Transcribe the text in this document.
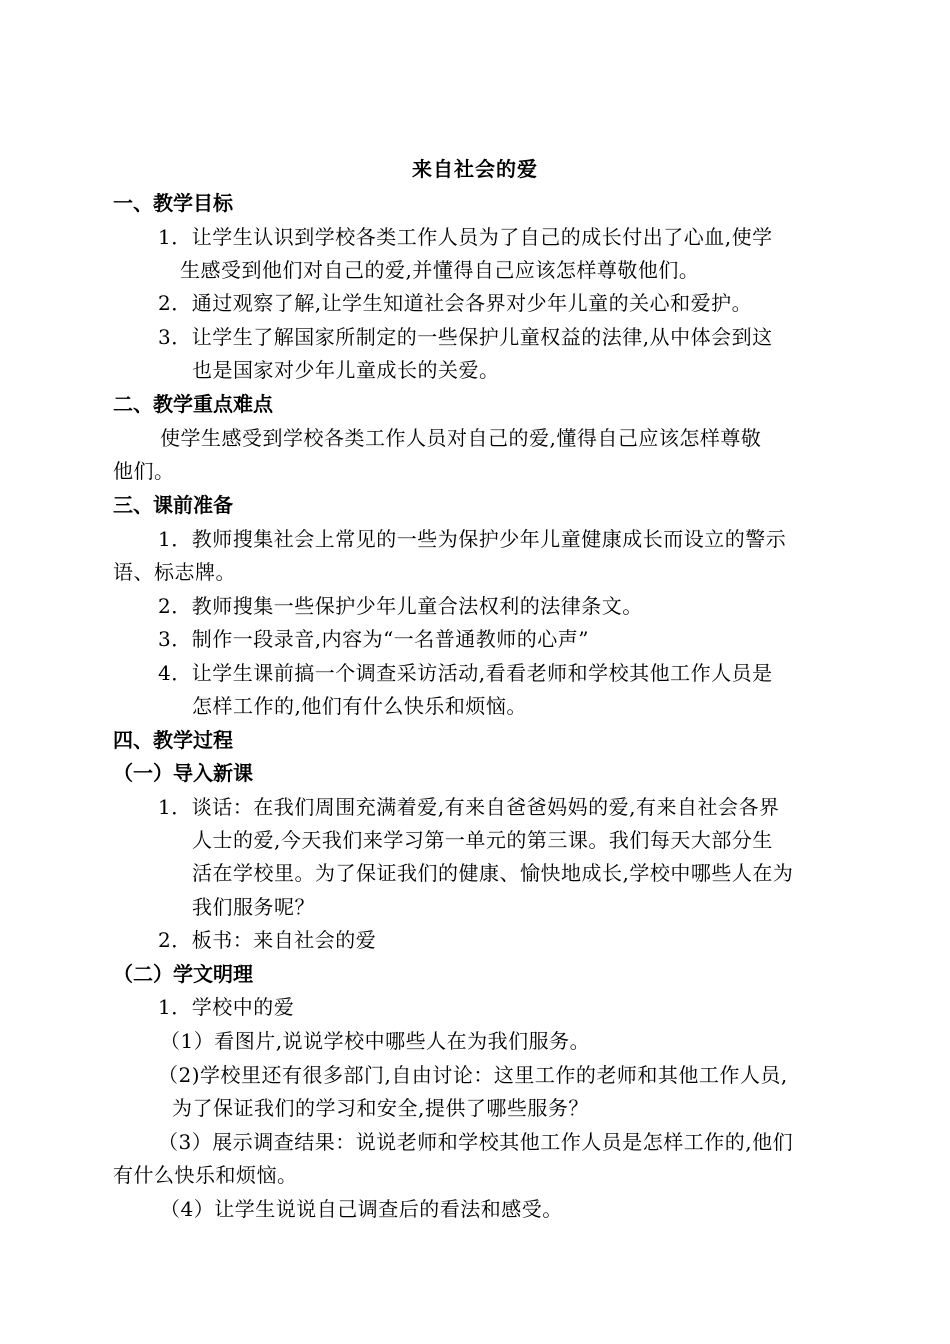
来自社会的爱
一、教学目标
1．让学生认识到学校各类工作人员为了自己的成长付出了心血,使学
生感受到他们对自己的爱,并懂得自己应该怎样尊敬他们。
2．通过观察了解,让学生知道社会各界对少年儿童的关心和爱护。
3．让学生了解国家所制定的一些保护儿童权益的法律,从中体会到这
也是国家对少年儿童成长的关爱。
二、教学重点难点
使学生感受到学校各类工作人员对自己的爱,懂得自己应该怎样尊敬
他们。
三、课前准备
1．教师搜集社会上常见的一些为保护少年儿童健康成长而设立的警示
语、标志牌。
2．教师搜集一些保护少年儿童合法权利的法律条文。
3．制作一段录音,内容为“一名普通教师的心声”
4．让学生课前搞一个调查采访活动,看看老师和学校其他工作人员是
怎样工作的,他们有什么快乐和烦恼。
四、教学过程
（一）导入新课
1．谈话：在我们周围充满着爱,有来自爸爸妈妈的爱,有来自社会各界
人士的爱,今天我们来学习第一单元的第三课。我们每天大部分生
活在学校里。为了保证我们的健康、愉快地成长,学校中哪些人在为
我们服务呢？
2．板书：来自社会的爱
（二）学文明理
1．学校中的爱
（1）看图片,说说学校中哪些人在为我们服务。
（2)学校里还有很多部门,自由讨论：这里工作的老师和其他工作人员,
为了保证我们的学习和安全,提供了哪些服务？
（3）展示调查结果：说说老师和学校其他工作人员是怎样工作的,他们
有什么快乐和烦恼。
（4）让学生说说自己调查后的看法和感受。
